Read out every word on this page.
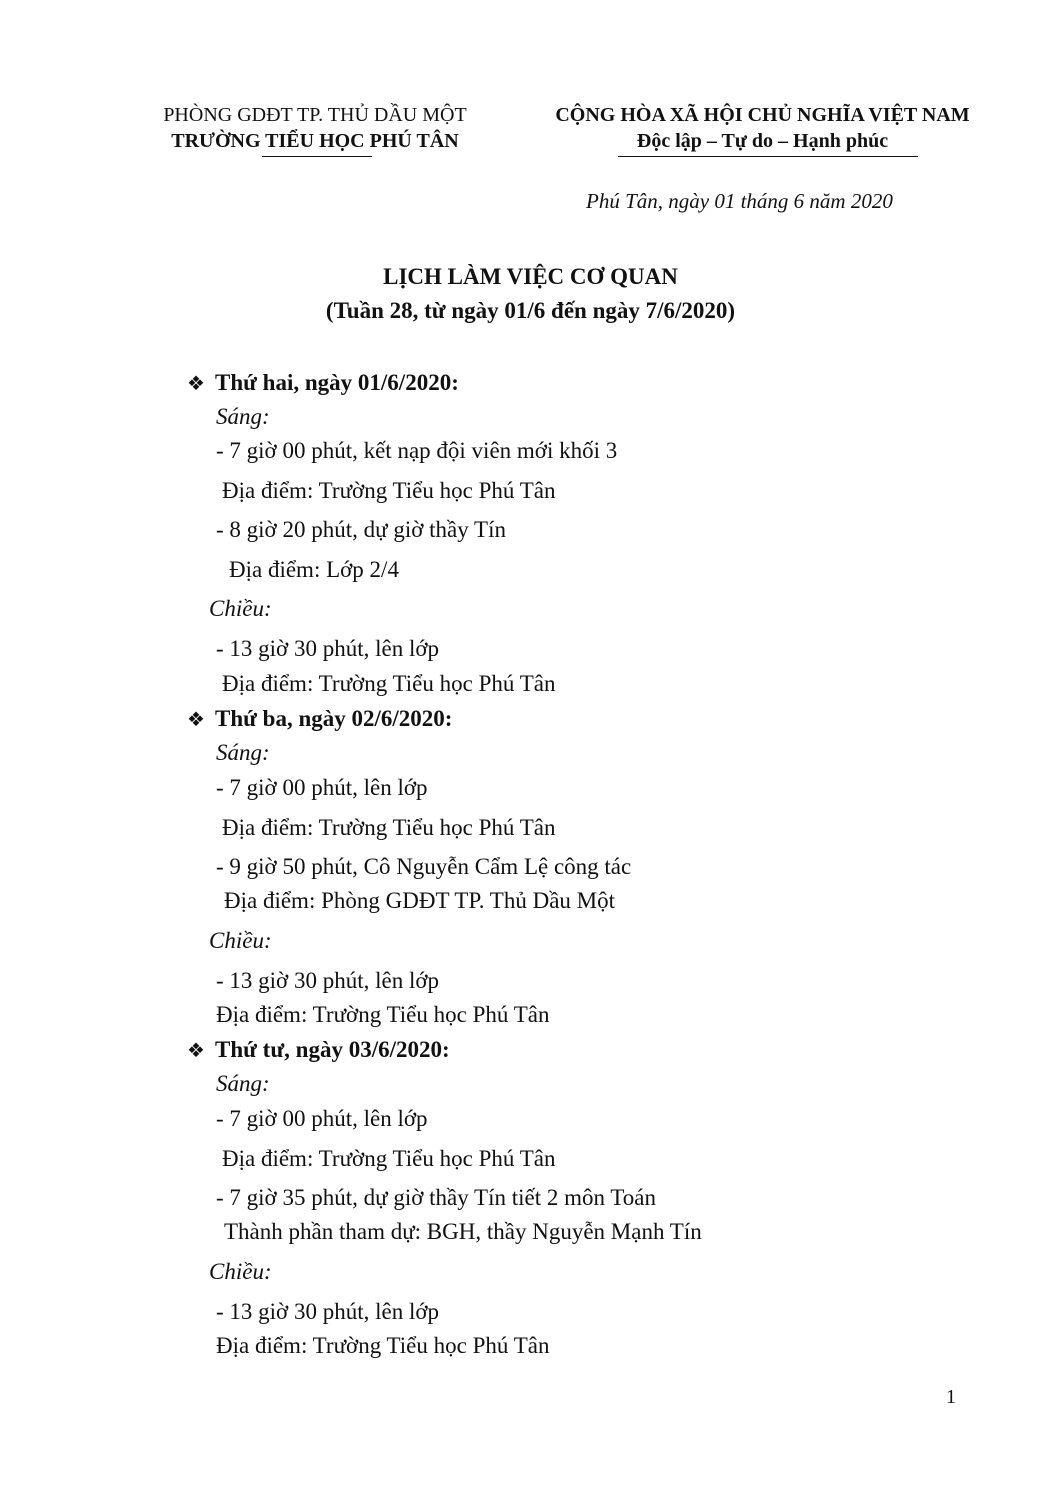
PHÒNG GDĐT TP. THỦ DẦU MỘT
TRƯỜNG TIỂU HỌC PHÚ TÂN
CỘNG HÒA XÃ HỘI CHỦ NGHĨA VIỆT NAM
Độc lập – Tự do – Hạnh phúc
Phú Tân, ngày 01 tháng 6 năm 2020
LỊCH LÀM VIỆC CƠ QUAN
(Tuần 28, từ ngày 01/6 đến ngày 7/6/2020)
❖ Thứ hai, ngày 01/6/2020:
Sáng:
- 7 giờ 00 phút, kết nạp đội viên mới khối 3
Địa điểm: Trường Tiểu học Phú Tân
- 8 giờ 20 phút, dự giờ thầy Tín
Địa điểm: Lớp 2/4
Chiều:
- 13 giờ 30 phút, lên lớp
Địa điểm: Trường Tiểu học Phú Tân
❖ Thứ ba, ngày 02/6/2020:
Sáng:
- 7 giờ 00 phút, lên lớp
Địa điểm: Trường Tiểu học Phú Tân
- 9 giờ 50 phút, Cô Nguyễn Cẩm Lệ công tác
Địa điểm: Phòng GDĐT TP. Thủ Dầu Một
Chiều:
- 13 giờ 30 phút, lên lớp
Địa điểm: Trường Tiểu học Phú Tân
❖ Thứ tư, ngày 03/6/2020:
Sáng:
- 7 giờ 00 phút, lên lớp
Địa điểm: Trường Tiểu học Phú Tân
- 7 giờ 35 phút, dự giờ thầy Tín tiết 2 môn Toán
Thành phần tham dự: BGH, thầy Nguyễn Mạnh Tín
Chiều:
- 13 giờ 30 phút, lên lớp
Địa điểm: Trường Tiểu học Phú Tân
1
